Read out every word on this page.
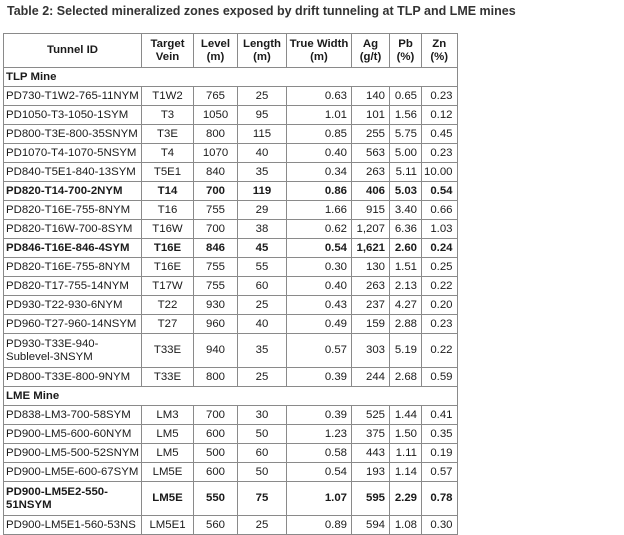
Table 2: Selected mineralized zones exposed by drift tunneling at TLP and LME mines
Tunnel ID	Target Vein	Level (m)	Length (m)	True Width (m)	Ag (g/t)	Pb (%)	Zn (%)
TLP Mine							
PD730-T1W2-765-11NYM	T1W2	765	25	0.63	140	0.65	0.23
PD1050-T3-1050-1SYM	T3	1050	95	1.01	101	1.56	0.12
PD800-T3E-800-35SNYM	T3E	800	115	0.85	255	5.75	0.45
PD1070-T4-1070-5NSYM	T4	1070	40	0.40	563	5.00	0.23
PD840-T5E1-840-13SYM	T5E1	840	35	0.34	263	5.11	10.00
PD820-T14-700-2NYM	T14	700	119	0.86	406	5.03	0.54
PD820-T16E-755-8NYM	T16	755	29	1.66	915	3.40	0.66
PD820-T16W-700-8SYM	T16W	700	38	0.62	1,207	6.36	1.03
PD846-T16E-846-4SYM	T16E	846	45	0.54	1,621	2.60	0.24
PD820-T16E-755-8NYM	T16E	755	55	0.30	130	1.51	0.25
PD820-T17-755-14NYM	T17W	755	60	0.40	263	2.13	0.22
PD930-T22-930-6NYM	T22	930	25	0.43	237	4.27	0.20
PD960-T27-960-14NSYM	T27	960	40	0.49	159	2.88	0.23
PD930-T33E-940-Sublevel-3NSYM	T33E	940	35	0.57	303	5.19	0.22
PD800-T33E-800-9NYM	T33E	800	25	0.39	244	2.68	0.59
LME Mine							
PD838-LM3-700-58SYM	LM3	700	30	0.39	525	1.44	0.41
PD900-LM5-600-60NYM	LM5	600	50	1.23	375	1.50	0.35
PD900-LM5-500-52SNYM	LM5	500	60	0.58	443	1.11	0.19
PD900-LM5E-600-67SYM	LM5E	600	50	0.54	193	1.14	0.57
PD900-LM5E2-550-51NSYM	LM5E	550	75	1.07	595	2.29	0.78
PD900-LM5E1-560-53NS	LM5E1	560	25	0.89	594	1.08	0.30
